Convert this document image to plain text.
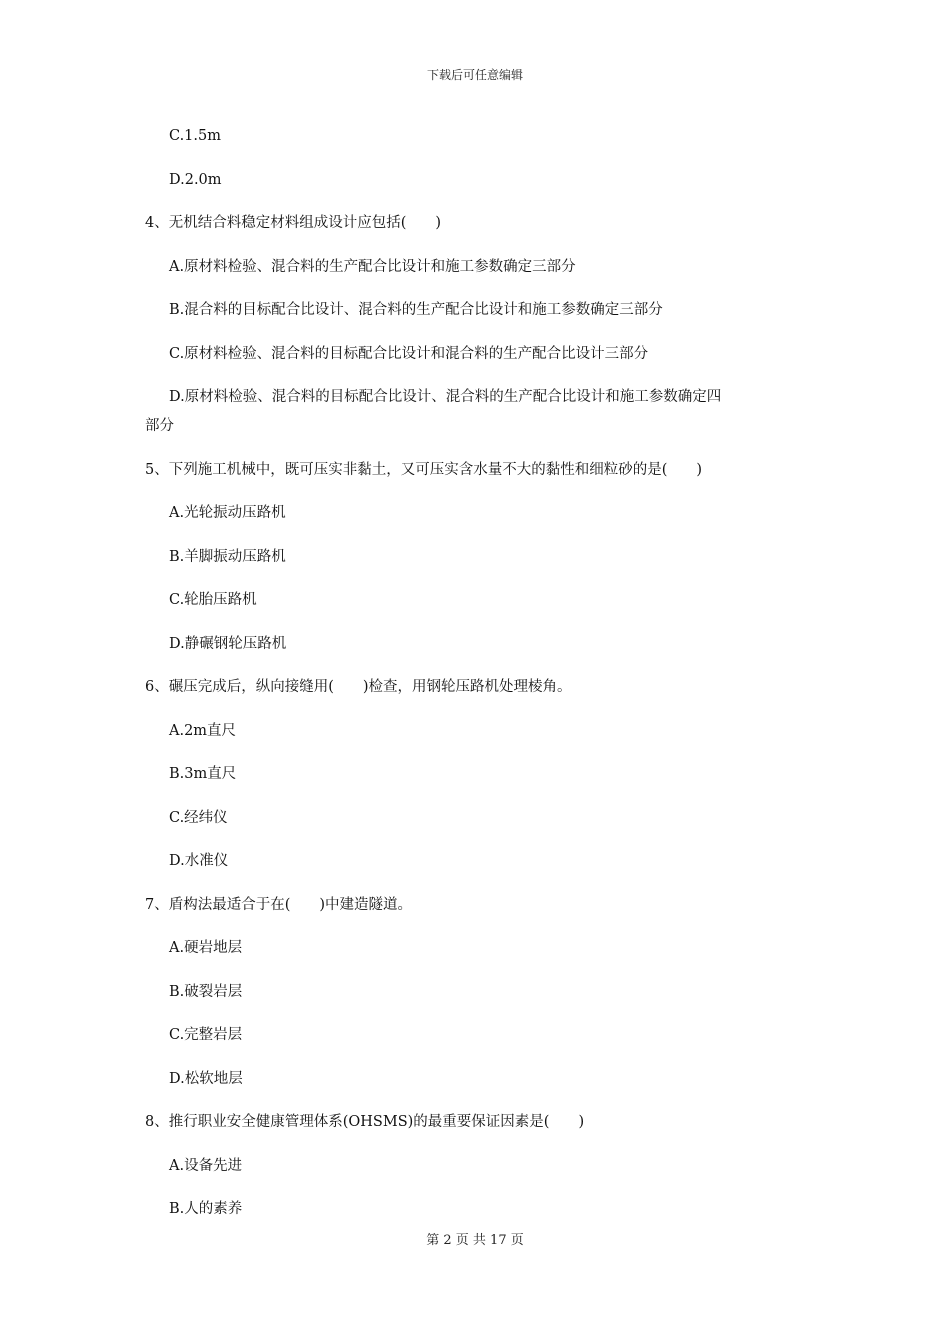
下载后可任意编辑
C.1.5m
D.2.0m
4、无机结合料稳定材料组成设计应包括(　　)
A.原材料检验、混合料的生产配合比设计和施工参数确定三部分
B.混合料的目标配合比设计、混合料的生产配合比设计和施工参数确定三部分
C.原材料检验、混合料的目标配合比设计和混合料的生产配合比设计三部分
D.原材料检验、混合料的目标配合比设计、混合料的生产配合比设计和施工参数确定四
部分
5、下列施工机械中，既可压实非黏土，又可压实含水量不大的黏性和细粒砂的是(　　)
A.光轮振动压路机
B.羊脚振动压路机
C.轮胎压路机
D.静碾钢轮压路机
6、碾压完成后，纵向接缝用(　　)检查，用钢轮压路机处理棱角。
A.2m直尺
B.3m直尺
C.经纬仪
D.水准仪
7、盾构法最适合于在(　　)中建造隧道。
A.硬岩地层
B.破裂岩层
C.完整岩层
D.松软地层
8、推行职业安全健康管理体系(OHSMS)的最重要保证因素是(　　)
A.设备先进
B.人的素养
第 2 页 共 17 页
